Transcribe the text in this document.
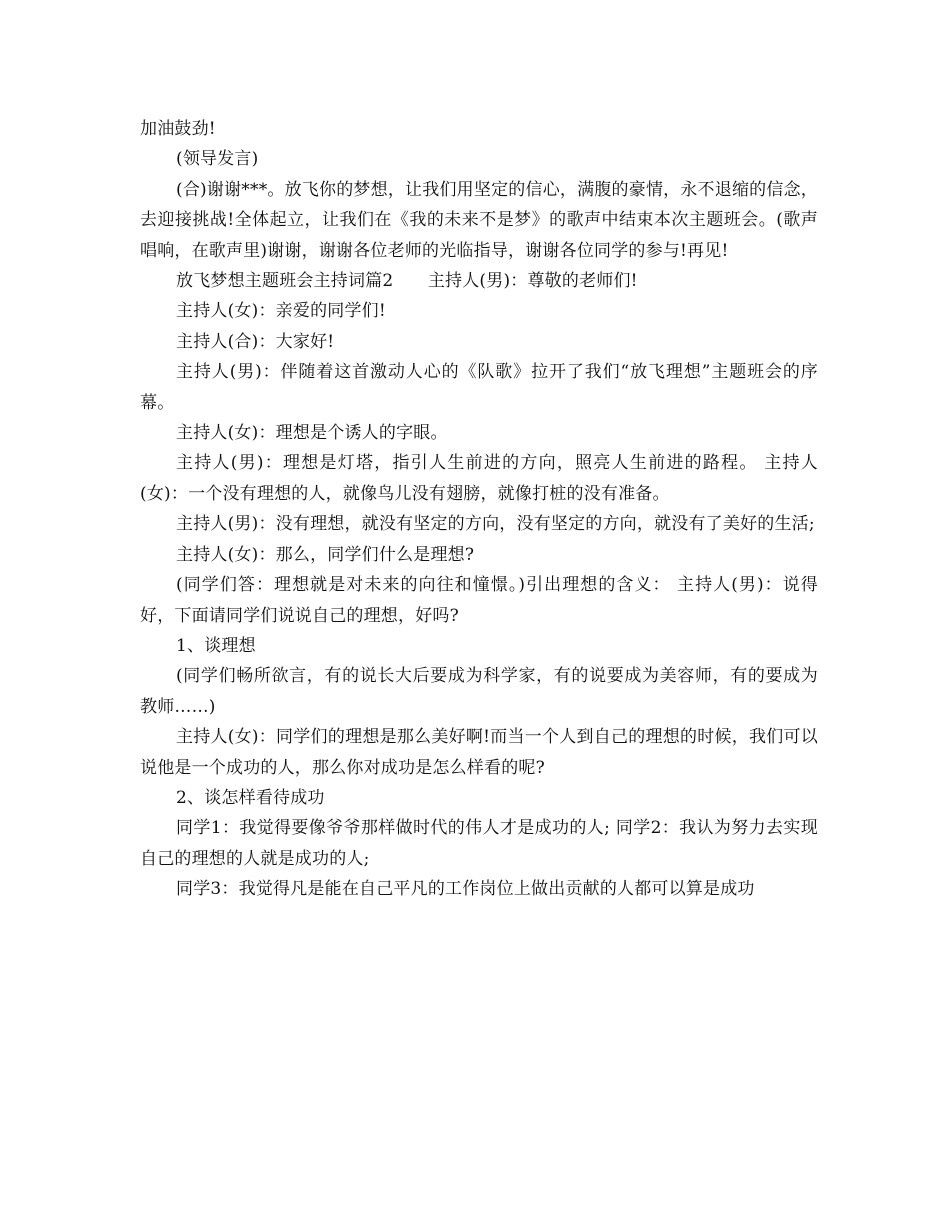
加油鼓劲!

(领导发言)

(合)谢谢***。放飞你的梦想，让我们用坚定的信心，满腹的豪情，永不退缩的信念，去迎接挑战!全体起立，让我们在《我的未来不是梦》的歌声中结束本次主题班会。(歌声唱响，在歌声里)谢谢，谢谢各位老师的光临指导，谢谢各位同学的参与!再见!

放飞梦想主题班会主持词篇2　　主持人(男)：尊敬的老师们!

主持人(女)：亲爱的同学们!

主持人(合)：大家好!

主持人(男)：伴随着这首激动人心的《队歌》拉开了我们“放飞理想”主题班会的序幕。

主持人(女)：理想是个诱人的字眼。

主持人(男)：理想是灯塔，指引人生前进的方向，照亮人生前进的路程。 主持人(女)：一个没有理想的人，就像鸟儿没有翅膀，就像打桩的没有准备。

主持人(男)：没有理想，就没有坚定的方向，没有坚定的方向，就没有了美好的生活;

主持人(女)：那么，同学们什么是理想?

(同学们答：理想就是对未来的向往和憧憬。)引出理想的含义： 主持人(男)：说得好，下面请同学们说说自己的理想，好吗?

1、谈理想

(同学们畅所欲言，有的说长大后要成为科学家，有的说要成为美容师，有的要成为教师……)

主持人(女)：同学们的理想是那么美好啊!而当一个人到自己的理想的时候，我们可以说他是一个成功的人，那么你对成功是怎么样看的呢?

2、谈怎样看待成功

同学1：我觉得要像爷爷那样做时代的伟人才是成功的人; 同学2：我认为努力去实现自己的理想的人就是成功的人;

同学3：我觉得凡是能在自己平凡的工作岗位上做出贡献的人都可以算是成功
